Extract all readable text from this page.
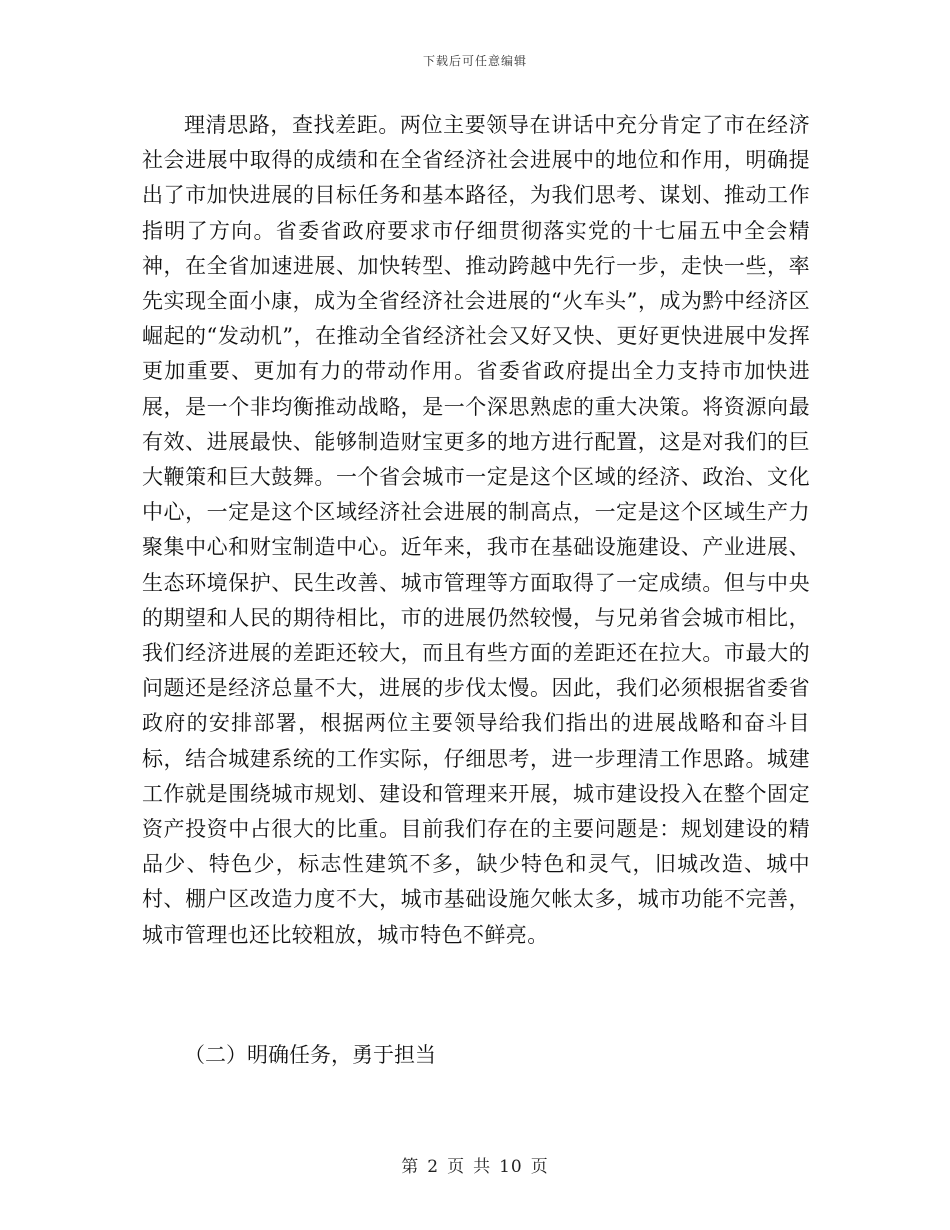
下载后可任意编辑

理清思路，查找差距。两位主要领导在讲话中充分肯定了市在经济社会进展中取得的成绩和在全省经济社会进展中的地位和作用，明确提出了市加快进展的目标任务和基本路径，为我们思考、谋划、推动工作指明了方向。省委省政府要求市仔细贯彻落实党的十七届五中全会精神，在全省加速进展、加快转型、推动跨越中先行一步，走快一些，率先实现全面小康，成为全省经济社会进展的“火车头”，成为黔中经济区崛起的“发动机”，在推动全省经济社会又好又快、更好更快进展中发挥更加重要、更加有力的带动作用。省委省政府提出全力支持市加快进展，是一个非均衡推动战略，是一个深思熟虑的重大决策。将资源向最有效、进展最快、能够制造财宝更多的地方进行配置，这是对我们的巨大鞭策和巨大鼓舞。一个省会城市一定是这个区域的经济、政治、文化中心，一定是这个区域经济社会进展的制高点，一定是这个区域生产力聚集中心和财宝制造中心。近年来，我市在基础设施建设、产业进展、生态环境保护、民生改善、城市管理等方面取得了一定成绩。但与中央的期望和人民的期待相比，市的进展仍然较慢，与兄弟省会城市相比，我们经济进展的差距还较大，而且有些方面的差距还在拉大。市最大的问题还是经济总量不大，进展的步伐太慢。因此，我们必须根据省委省政府的安排部署，根据两位主要领导给我们指出的进展战略和奋斗目标，结合城建系统的工作实际，仔细思考，进一步理清工作思路。城建工作就是围绕城市规划、建设和管理来开展，城市建设投入在整个固定资产投资中占很大的比重。目前我们存在的主要问题是：规划建设的精品少、特色少，标志性建筑不多，缺少特色和灵气，旧城改造、城中村、棚户区改造力度不大，城市基础设施欠帐太多，城市功能不完善，城市管理也还比较粗放，城市特色不鲜亮。

（二）明确任务，勇于担当

第 2 页 共 10 页
